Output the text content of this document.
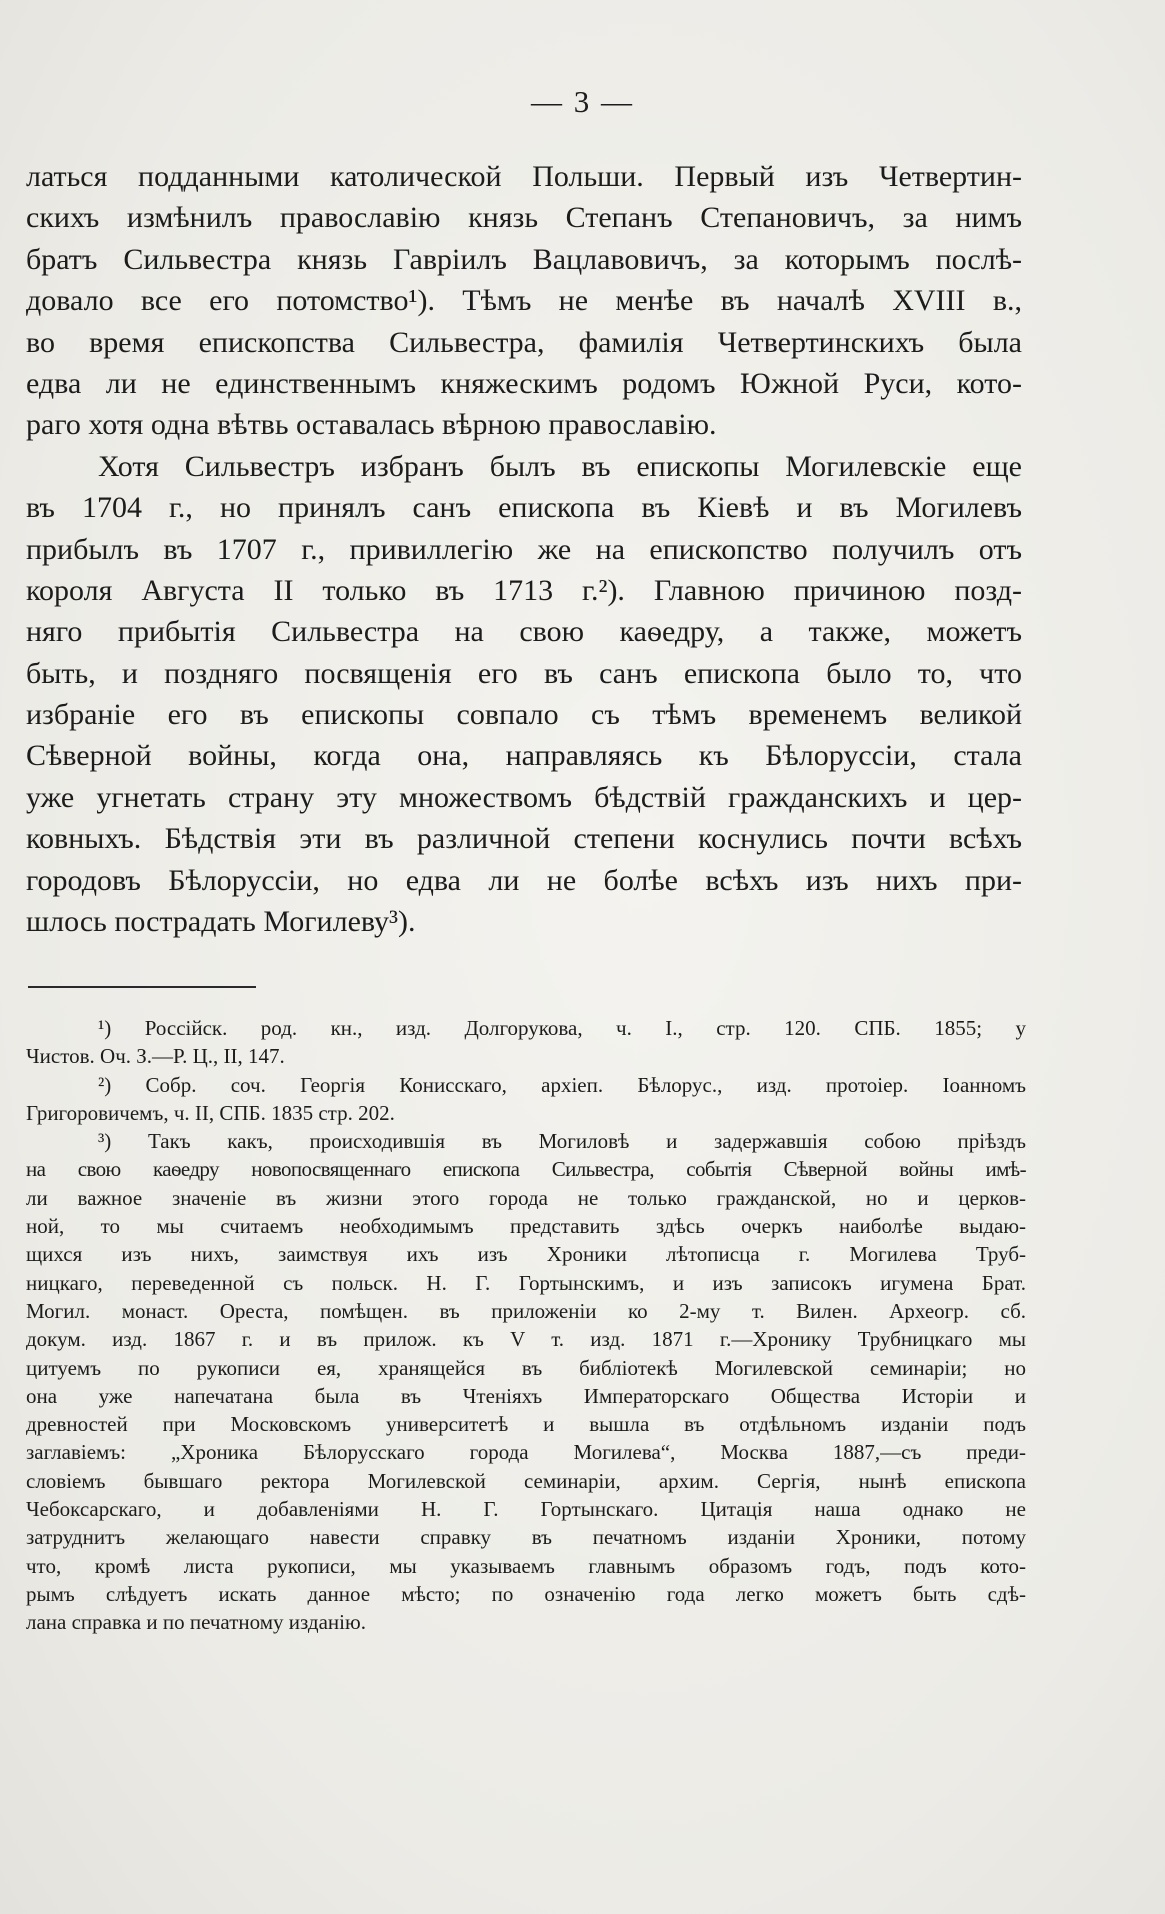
— 3 —
латься подданными католической Польши. Первый изъ Четвертин-
скихъ измѣнилъ православію князь Степанъ Степановичъ, за нимъ
братъ Сильвестра князь Гавріилъ Вацлавовичъ, за которымъ послѣ-
довало все его потомство¹). Тѣмъ не менѣе въ началѣ XVIII в.,
во время епископства Сильвестра, фамилія Четвертинскихъ была
едва ли не единственнымъ княжескимъ родомъ Южной Руси, кото-
раго хотя одна вѣтвь оставалась вѣрною православію.
Хотя Сильвестръ избранъ былъ въ епископы Могилевскіе еще
въ 1704 г., но принялъ санъ епископа въ Кіевѣ и въ Могилевъ
прибылъ въ 1707 г., привиллегію же на епископство получилъ отъ
короля Августа II только въ 1713 г.²). Главною причиною позд-
няго прибытія Сильвестра на свою каѳедру, а также, можетъ
быть, и поздняго посвященія его въ санъ епископа было то, что
избраніе его въ епископы совпало съ тѣмъ временемъ великой
Сѣверной войны, когда она, направляясь къ Бѣлоруссіи, стала
уже угнетать страну эту множествомъ бѣдствій гражданскихъ и цер-
ковныхъ. Бѣдствія эти въ различной степени коснулись почти всѣхъ
городовъ Бѣлоруссіи, но едва ли не болѣе всѣхъ изъ нихъ при-
шлось пострадать Могилеву³).
¹) Россійск. род. кн., изд. Долгорукова, ч. I., стр. 120. СПБ. 1855; у
Чистов. Оч. З.—Р. Ц., II, 147.
²) Собр. соч. Георгія Конисскаго, архіеп. Бѣлорус., изд. протоіер. Іоанномъ
Григоровичемъ, ч. II, СПБ. 1835 стр. 202.
³) Такъ какъ, происходившія въ Могиловѣ и задержавшія собою пріѣздъ
на свою каѳедру новопосвященнаго епископа Сильвестра, событія Сѣверной войны имѣ-
ли важное значеніе въ жизни этого города не только гражданской, но и церков-
ной, то мы считаемъ необходимымъ представить здѣсь очеркъ наиболѣе выдаю-
щихся изъ нихъ, заимствуя ихъ изъ Хроники лѣтописца г. Могилева Труб-
ницкаго, переведенной съ польск. Н. Г. Гортынскимъ, и изъ записокъ игумена Брат.
Могил. монаст. Ореста, помѣщен. въ приложеніи ко 2-му т. Вилен. Археогр. сб.
докум. изд. 1867 г. и въ прилож. къ V т. изд. 1871 г.—Хронику Трубницкаго мы
цитуемъ по рукописи ея, хранящейся въ библіотекѣ Могилевской семинаріи; но
она уже напечатана была въ Чтеніяхъ Императорскаго Общества Исторіи и
древностей при Московскомъ университетѣ и вышла въ отдѣльномъ изданіи подъ
заглавіемъ: „Хроника Бѣлорусскаго города Могилева“, Москва 1887,—съ преди-
словіемъ бывшаго ректора Могилевской семинаріи, архим. Сергія, нынѣ епископа
Чебоксарскаго, и добавленіями Н. Г. Гортынскаго. Цитація наша однако не
затруднитъ желающаго навести справку въ печатномъ изданіи Хроники, потому
что, кромѣ листа рукописи, мы указываемъ главнымъ образомъ годъ, подъ кото-
рымъ слѣдуетъ искать данное мѣсто; по означенію года легко можетъ быть сдѣ-
лана справка и по печатному изданію.
